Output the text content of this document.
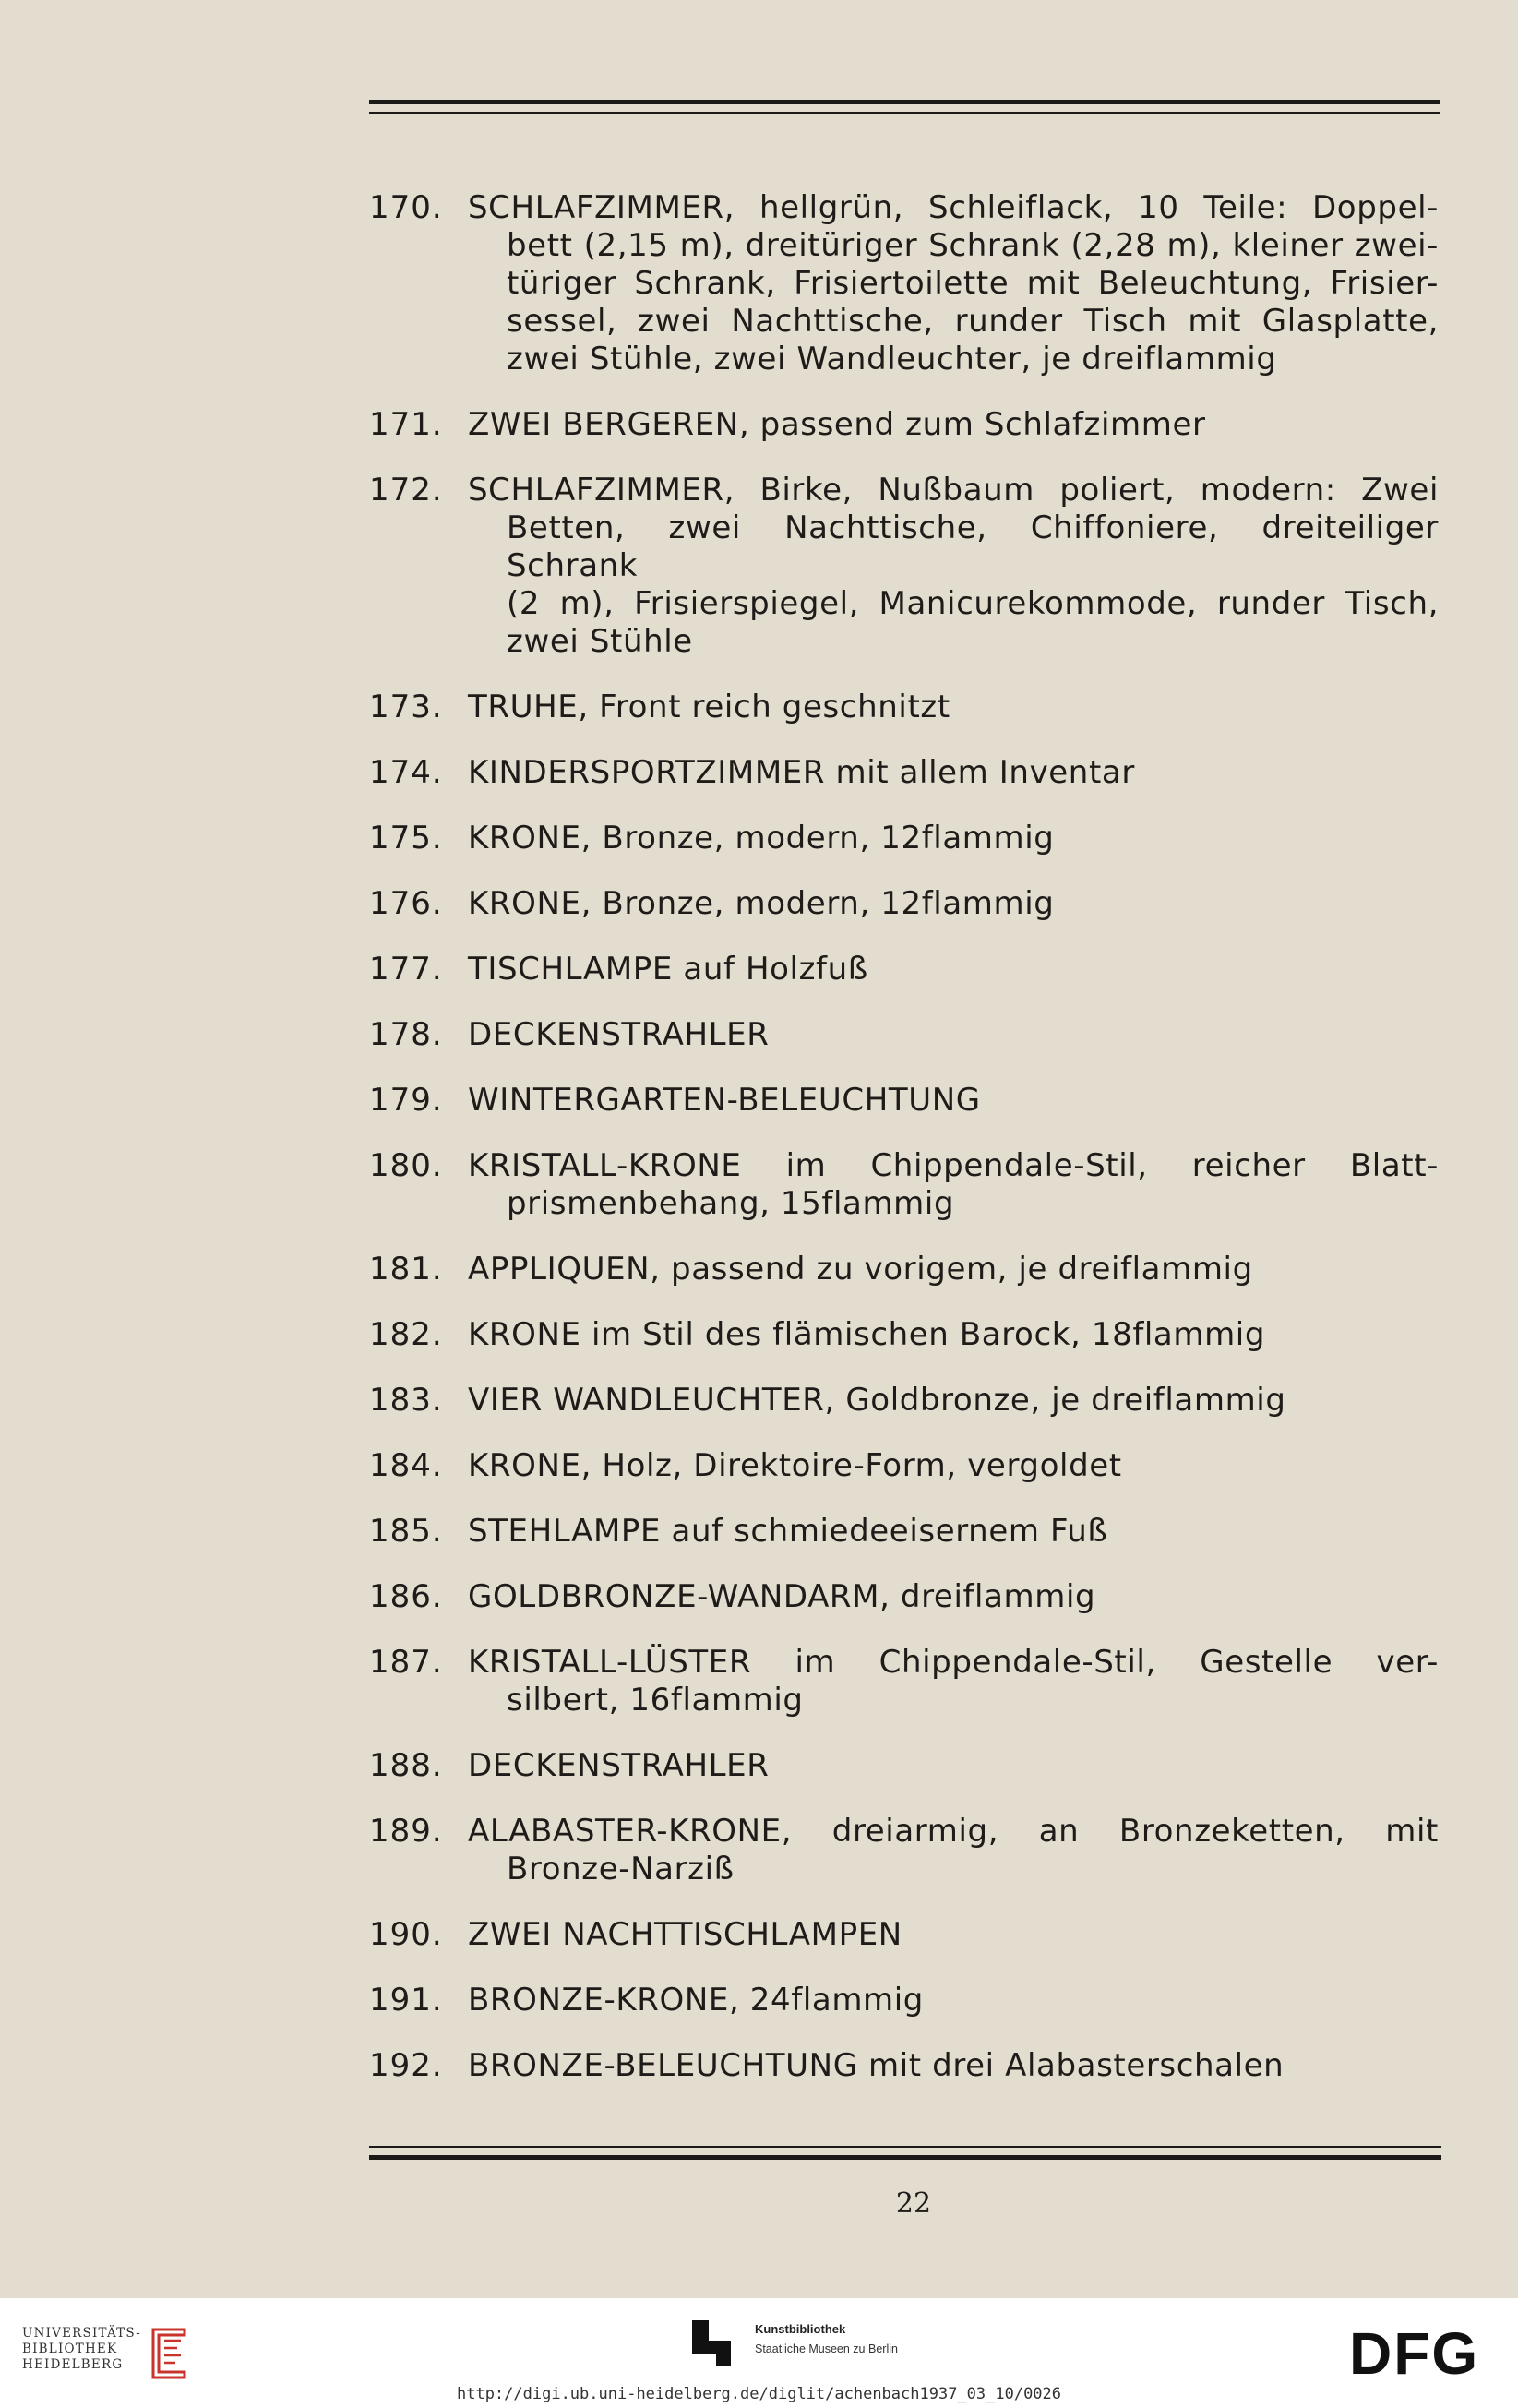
170. SCHLAFZIMMER, hellgrün, Schleiflack, 10 Teile: Doppel-
bett (2,15 m), dreitüriger Schrank (2,28 m), kleiner zwei-
türiger Schrank, Frisiertoilette mit Beleuchtung, Frisier-
sessel, zwei Nachttische, runder Tisch mit Glasplatte,
zwei Stühle, zwei Wandleuchter, je dreiflammig
171. ZWEI BERGEREN, passend zum Schlafzimmer
172. SCHLAFZIMMER, Birke, Nußbaum poliert, modern: Zwei
Betten, zwei Nachttische, Chiffoniere, dreiteiliger Schrank
(2 m), Frisierspiegel, Manicurekommode, runder Tisch,
zwei Stühle
173. TRUHE, Front reich geschnitzt
174. KINDERSPORTZIMMER mit allem Inventar
175. KRONE, Bronze, modern, 12flammig
176. KRONE, Bronze, modern, 12flammig
177. TISCHLAMPE auf Holzfuß
178. DECKENSTRAHLER
179. WINTERGARTEN-BELEUCHTUNG
180. KRISTALL-KRONE im Chippendale-Stil, reicher Blatt-
prismenbehang, 15flammig
181. APPLIQUEN, passend zu vorigem, je dreiflammig
182. KRONE im Stil des flämischen Barock, 18flammig
183. VIER WANDLEUCHTER, Goldbronze, je dreiflammig
184. KRONE, Holz, Direktoire-Form, vergoldet
185. STEHLAMPE auf schmiedeeisernem Fuß
186. GOLDBRONZE-WANDARM, dreiflammig
187. KRISTALL-LÜSTER im Chippendale-Stil, Gestelle ver-
silbert, 16flammig
188. DECKENSTRAHLER
189. ALABASTER-KRONE, dreiarmig, an Bronzeketten, mit
Bronze-Narziß
190. ZWEI NACHTTISCHLAMPEN
191. BRONZE-KRONE, 24flammig
192. BRONZE-BELEUCHTUNG mit drei Alabasterschalen
22
UNIVERSITÄTS-
BIBLIOTHEK
HEIDELBERG
Kunstbibliothek
Staatliche Museen zu Berlin	DFG
http://digi.ub.uni-heidelberg.de/diglit/achenbach1937_03_10/0026
